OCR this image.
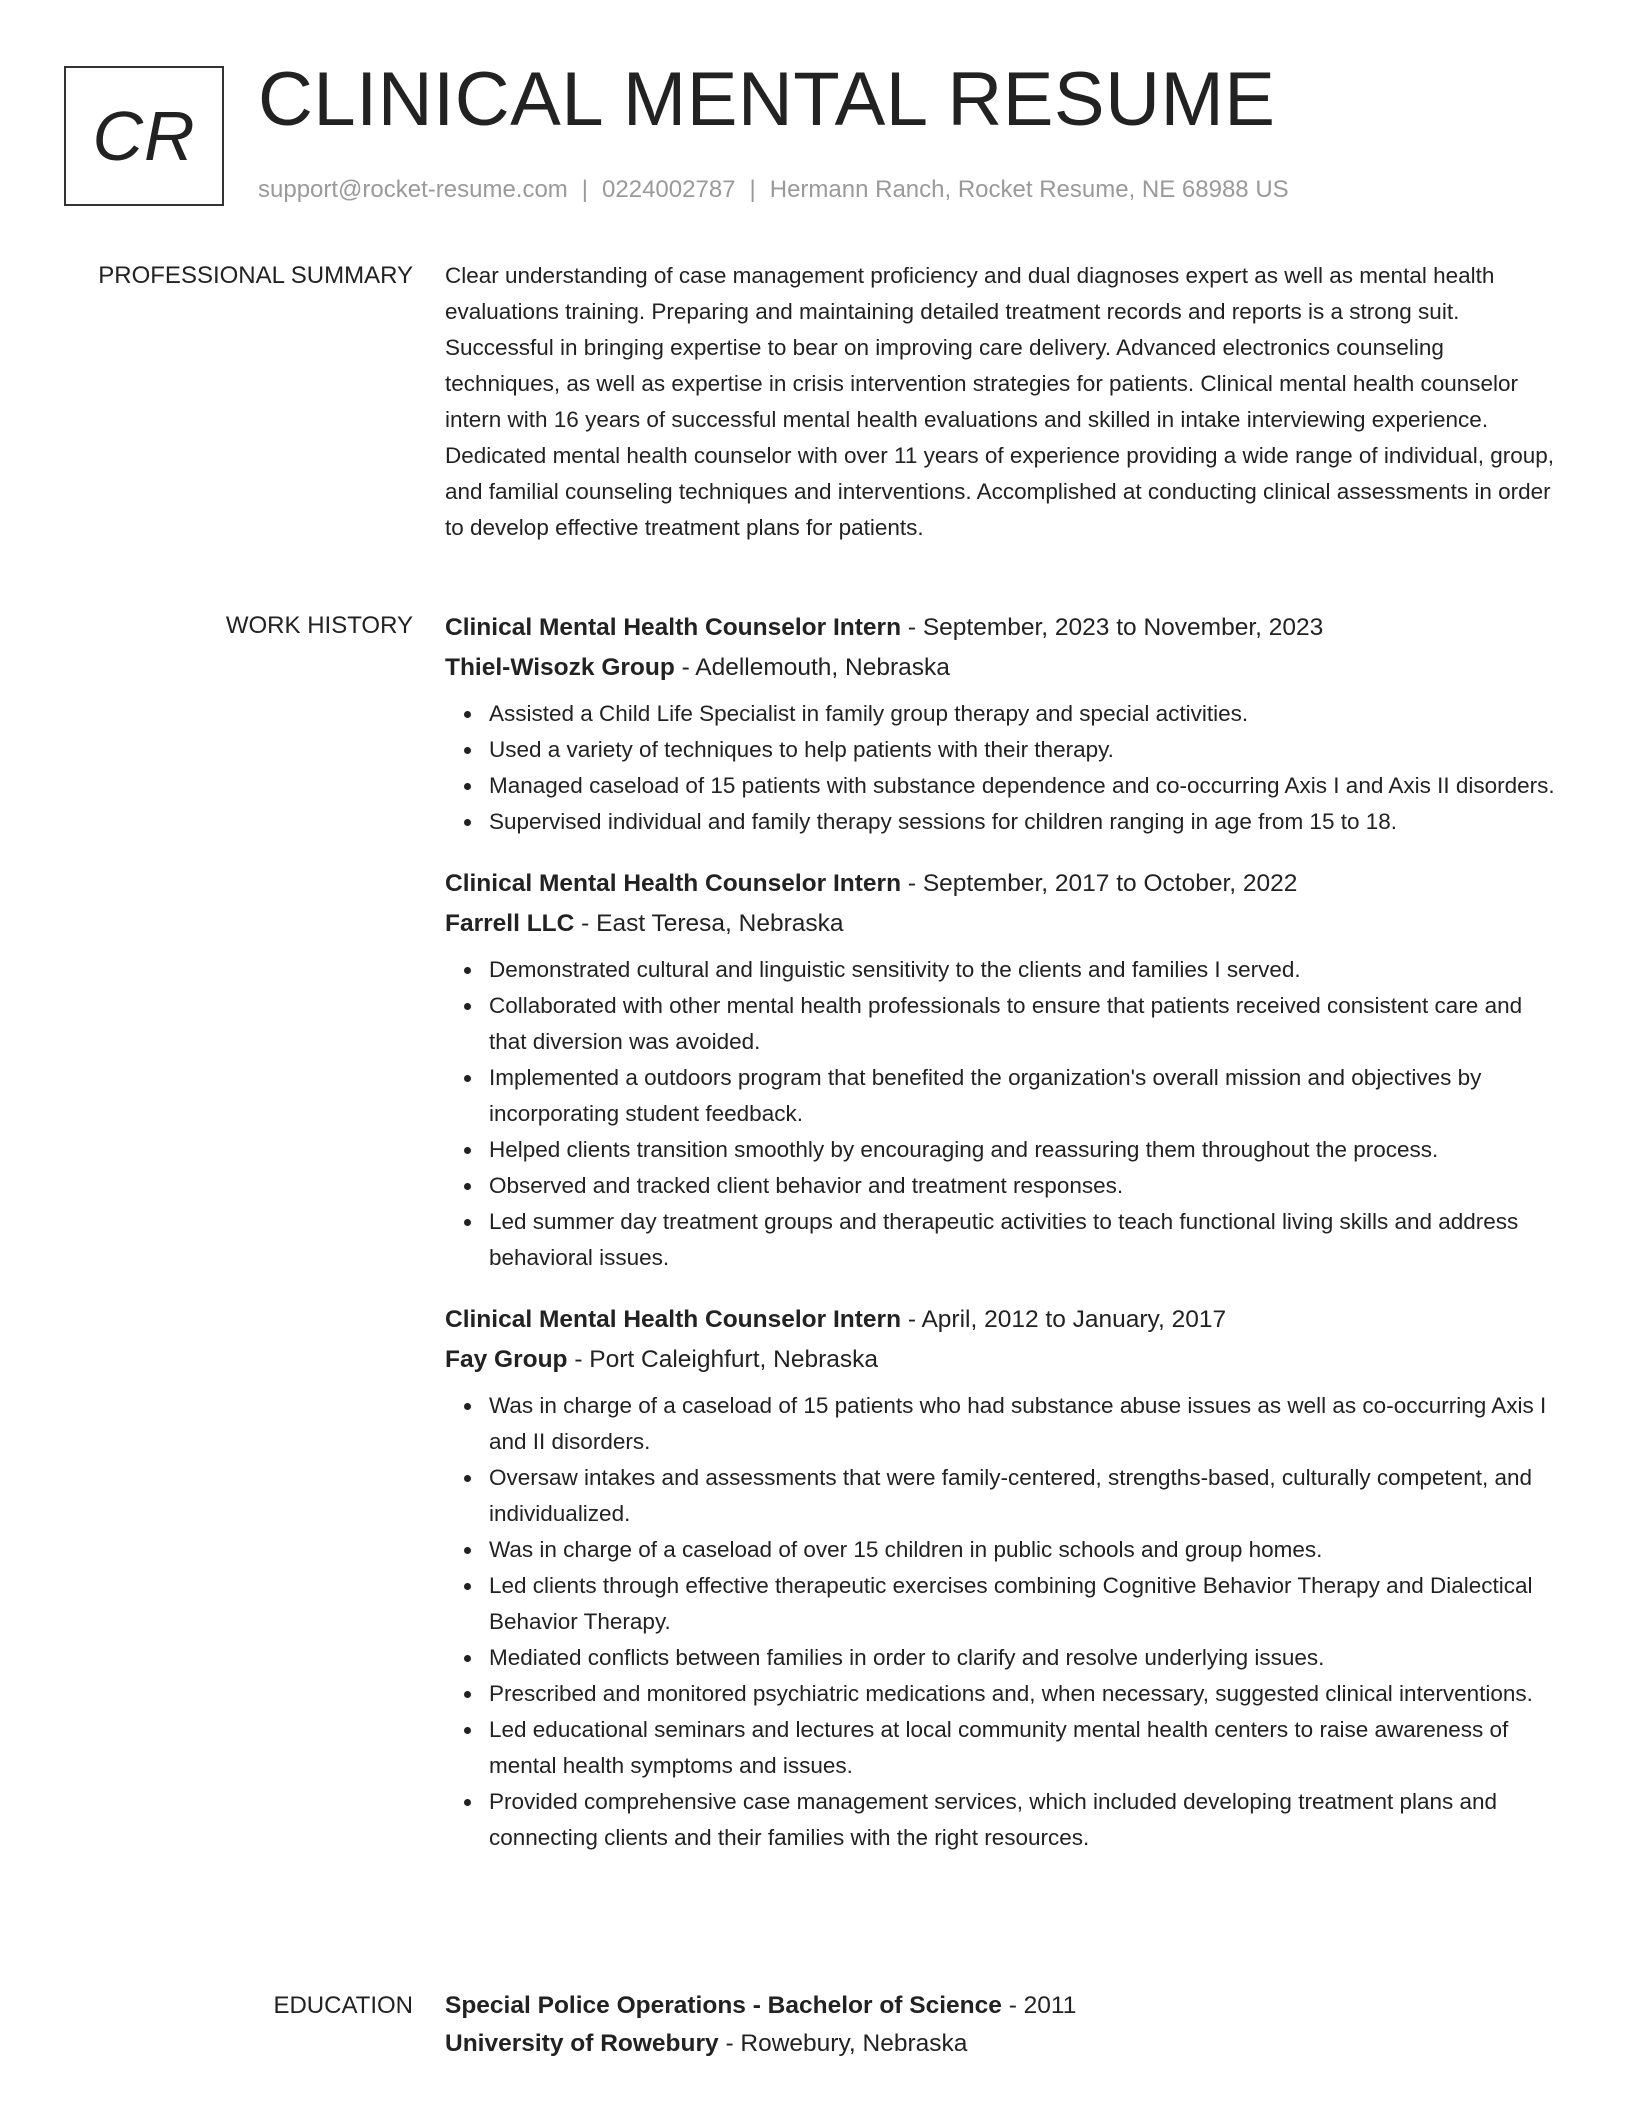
CR CLINICAL MENTAL RESUME
support@rocket-resume.com | 0224002787 | Hermann Ranch, Rocket Resume, NE 68988 US
PROFESSIONAL SUMMARY Clear understanding of case management proficiency and dual diagnoses expert as well as mental health evaluations training. Preparing and maintaining detailed treatment records and reports is a strong suit. Successful in bringing expertise to bear on improving care delivery. Advanced electronics counseling techniques, as well as expertise in crisis intervention strategies for patients. Clinical mental health counselor intern with 16 years of successful mental health evaluations and skilled in intake interviewing experience. Dedicated mental health counselor with over 11 years of experience providing a wide range of individual, group, and familial counseling techniques and interventions. Accomplished at conducting clinical assessments in order to develop effective treatment plans for patients.

WORK HISTORY Clinical Mental Health Counselor Intern - September, 2023 to November, 2023
Thiel-Wisozk Group - Adellemouth, Nebraska
Assisted a Child Life Specialist in family group therapy and special activities.
Used a variety of techniques to help patients with their therapy.
Managed caseload of 15 patients with substance dependence and co-occurring Axis I and Axis II disorders.
Supervised individual and family therapy sessions for children ranging in age from 15 to 18.
Clinical Mental Health Counselor Intern - September, 2017 to October, 2022
Farrell LLC - East Teresa, Nebraska
Demonstrated cultural and linguistic sensitivity to the clients and families I served.
Collaborated with other mental health professionals to ensure that patients received consistent care and that diversion was avoided.
Implemented a outdoors program that benefited the organization's overall mission and objectives by incorporating student feedback.
Helped clients transition smoothly by encouraging and reassuring them throughout the process.
Observed and tracked client behavior and treatment responses.
Led summer day treatment groups and therapeutic activities to teach functional living skills and address behavioral issues.
Clinical Mental Health Counselor Intern - April, 2012 to January, 2017
Fay Group - Port Caleighfurt, Nebraska
Was in charge of a caseload of 15 patients who had substance abuse issues as well as co-occurring Axis I and II disorders.
Oversaw intakes and assessments that were family-centered, strengths-based, culturally competent, and individualized.
Was in charge of a caseload of over 15 children in public schools and group homes.
Led clients through effective therapeutic exercises combining Cognitive Behavior Therapy and Dialectical Behavior Therapy.
Mediated conflicts between families in order to clarify and resolve underlying issues.
Prescribed and monitored psychiatric medications and, when necessary, suggested clinical interventions.
Led educational seminars and lectures at local community mental health centers to raise awareness of mental health symptoms and issues.
Provided comprehensive case management services, which included developing treatment plans and connecting clients and their families with the right resources.
EDUCATION Special Police Operations - Bachelor of Science - 2011
University of Rowebury - Rowebury, Nebraska
